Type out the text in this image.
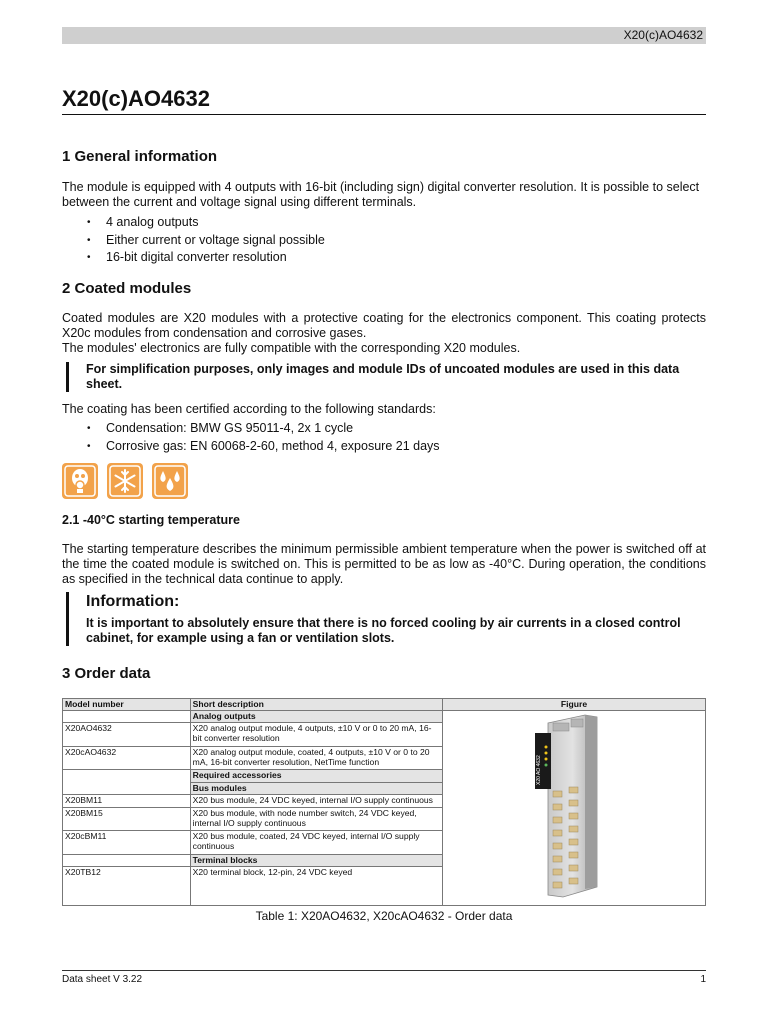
X20(c)AO4632
X20(c)AO4632
1 General information
The module is equipped with 4 outputs with 16-bit (including sign) digital converter resolution. It is possible to select
between the current and voltage signal using different terminals.
• 4 analog outputs
• Either current or voltage signal possible
• 16-bit digital converter resolution
2 Coated modules
Coated modules are X20 modules with a protective coating for the electronics component. This coating protects
X20c modules from condensation and corrosive gases.
The modules' electronics are fully compatible with the corresponding X20 modules.
For simplification purposes, only images and module IDs of uncoated modules are used in this data sheet.
The coating has been certified according to the following standards:
• Condensation: BMW GS 95011-4, 2x 1 cycle
• Corrosive gas: EN 60068-2-60, method 4, exposure 21 days
2.1 -40°C starting temperature
The starting temperature describes the minimum permissible ambient temperature when the power is switched off at the time the coated module is switched on. This is permitted to be as low as -40°C. During operation, the conditions as specified in the technical data continue to apply.
Information:
It is important to absolutely ensure that there is no forced cooling by air currents in a closed control cabinet, for example using a fan or ventilation slots.
3 Order data
Model number	Short description	Figure
	Analog outputs	X20 AO 4632

X20AO4632	X20 analog output module, 4 outputs, ±10 V or 0 to 20 mA, 16-bit converter resolution	
X20cAO4632	X20 analog output module, coated, 4 outputs, ±10 V or 0 to 20 mA, 16-bit converter resolution, NetTime function	
	Required accessories	
	Bus modules	
X20BM11	X20 bus module, 24 VDC keyed, internal I/O supply continuous	
X20BM15	X20 bus module, with node number switch, 24 VDC keyed, internal I/O supply continuous	
X20cBM11	X20 bus module, coated, 24 VDC keyed, internal I/O supply continuous	
	Terminal blocks	
X20TB12	X20 terminal block, 12-pin, 24 VDC keyed	
Table 1: X20AO4632, X20cAO4632 - Order data
Data sheet V 3.22	1
